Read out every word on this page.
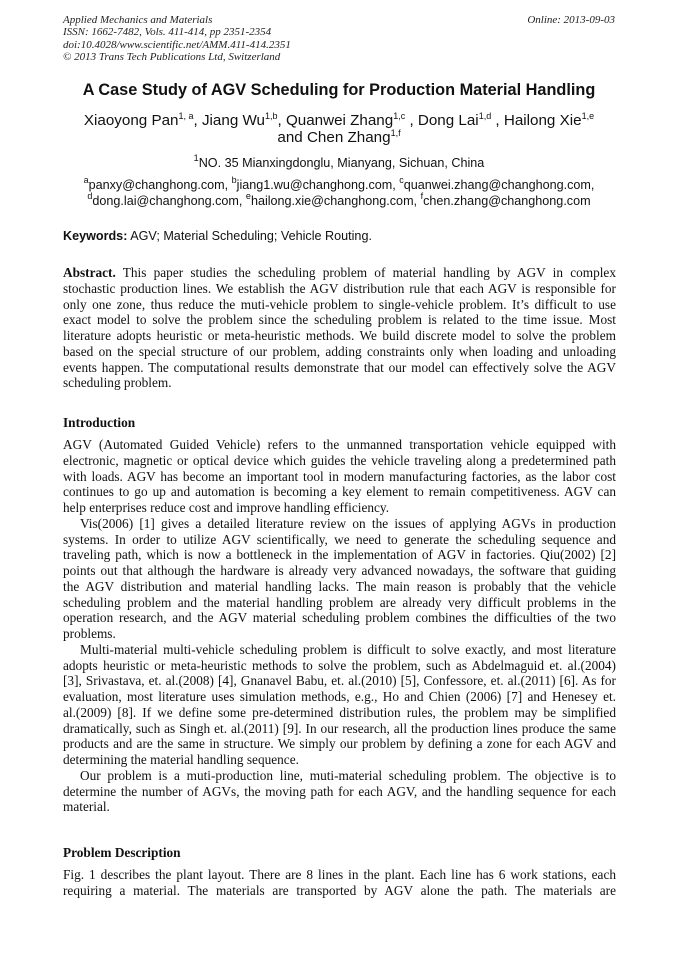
Applied Mechanics and Materials
ISSN: 1662-7482, Vols. 411-414, pp 2351-2354
doi:10.4028/www.scientific.net/AMM.411-414.2351
© 2013 Trans Tech Publications Ltd, Switzerland
Online: 2013-09-03
A Case Study of AGV Scheduling for Production Material Handling
Xiaoyong Pan$^{1, a}$, Jiang Wu$^{1,b}$, Quanwei Zhang$^{1,c}$ , Dong Lai$^{1,d}$ , Hailong Xie$^{1,e}$
and Chen Zhang$^{1,f}$
$^1$NO. 35 Mianxingdonglu, Mianyang, Sichuan, China
$^a$panxy@changhong.com, $^b$jiang1.wu@changhong.com, $^c$quanwei.zhang@changhong.com,
$^d$dong.lai@changhong.com, $^e$hailong.xie@changhong.com, $^f$chen.zhang@changhong.com
Keywords: AGV; Material Scheduling; Vehicle Routing.
Abstract. This paper studies the scheduling problem of material handling by AGV in complex
stochastic production lines. We establish the AGV distribution rule that each AGV is responsible for
only one zone, thus reduce the muti-vehicle problem to single-vehicle problem. It’s difficult to use
exact model to solve the problem since the scheduling problem is related to the time issue. Most
literature adopts heuristic or meta-heuristic methods. We build discrete model to solve the problem
based on the special structure of our problem, adding constraints only when loading and unloading
events happen. The computational results demonstrate that our model can effectively solve the AGV
scheduling problem.
Introduction
AGV (Automated Guided Vehicle) refers to the unmanned transportation vehicle equipped with
electronic, magnetic or optical device which guides the vehicle traveling along a predetermined path
with loads. AGV has become an important tool in modern manufacturing factories, as the labor cost
continues to go up and automation is becoming a key element to remain competitiveness. AGV can
help enterprises reduce cost and improve handling efficiency.
Vis(2006) [1] gives a detailed literature review on the issues of applying AGVs in production
systems. In order to utilize AGV scientifically, we need to generate the scheduling sequence and
traveling path, which is now a bottleneck in the implementation of AGV in factories. Qiu(2002) [2]
points out that although the hardware is already very advanced nowadays, the software that guiding
the AGV distribution and material handling lacks. The main reason is probably that the vehicle
scheduling problem and the material handling problem are already very difficult problems in the
operation research, and the AGV material scheduling problem combines the difficulties of the two
problems.
Multi-material multi-vehicle scheduling problem is difficult to solve exactly, and most literature
adopts heuristic or meta-heuristic methods to solve the problem, such as Abdelmaguid et. al.(2004)
[3], Srivastava, et. al.(2008) [4], Gnanavel Babu, et. al.(2010) [5], Confessore, et. al.(2011) [6]. As for
evaluation, most literature uses simulation methods, e.g., Ho and Chien (2006) [7] and Henesey et.
al.(2009) [8]. If we define some pre-determined distribution rules, the problem may be simplified
dramatically, such as Singh et. al.(2011) [9]. In our research, all the production lines produce the same
products and are the same in structure. We simply our problem by defining a zone for each AGV and
determining the material handling sequence.
Our problem is a muti-production line, muti-material scheduling problem. The objective is to
determine the number of AGVs, the moving path for each AGV, and the handling sequence for each
material.
Problem Description
Fig. 1 describes the plant layout. There are 8 lines in the plant. Each line has 6 work stations, each
requiring a material. The materials are transported by AGV alone the path. The materials are
